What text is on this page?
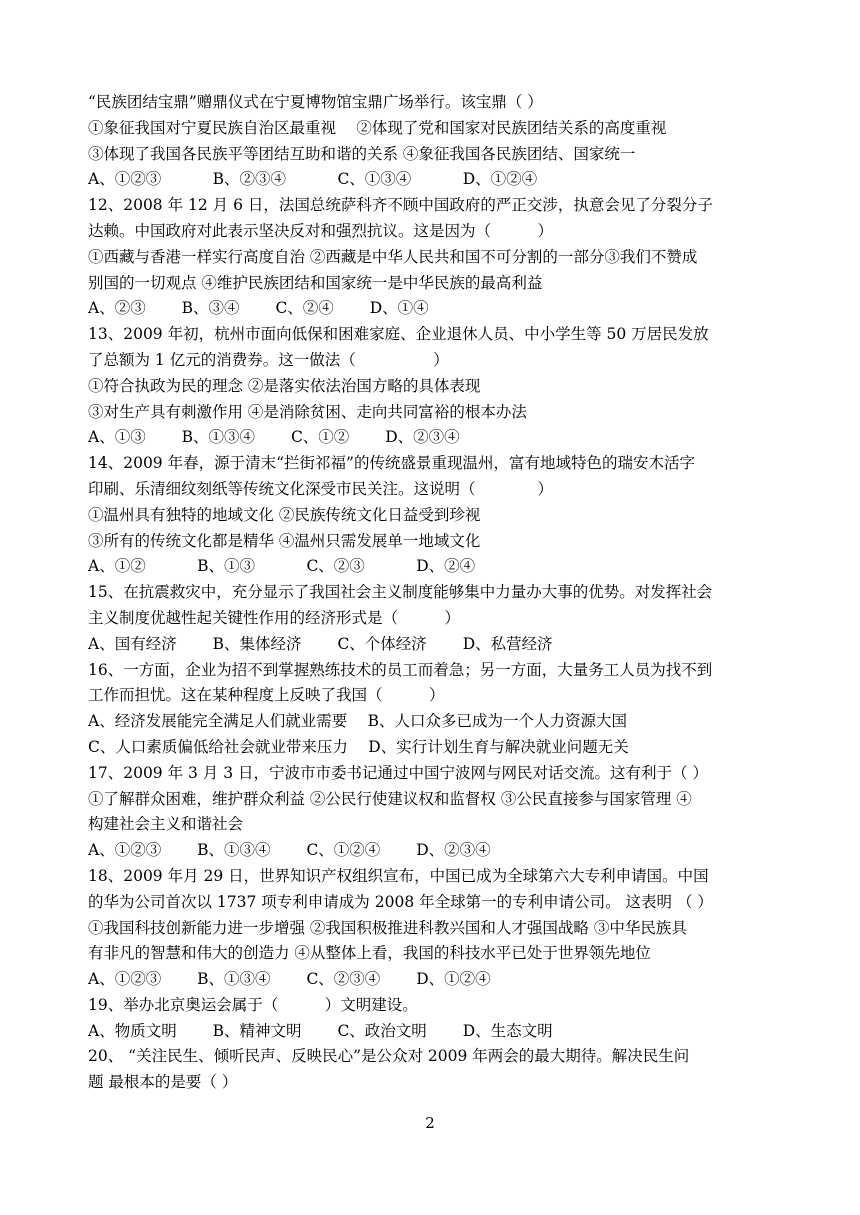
“民族团结宝鼎”赠鼎仪式在宁夏博物馆宝鼎广场举行。该宝鼎（ ）
①象征我国对宁夏民族自治区最重视　 ②体现了党和国家对民族团结关系的高度重视
③体现了我国各民族平等团结互助和谐的关系 ④象征我国各民族团结、国家统一
A、①②③　　　 B、②③④　　　 C、①③④　　　 D、①②④
12、2008 年 12 月 6 日，法国总统萨科齐不顾中国政府的严正交涉，执意会见了分裂分子
达赖。中国政府对此表示坚决反对和强烈抗议。这是因为（　　　）
①西藏与香港一样实行高度自治 ②西藏是中华人民共和国不可分割的一部分③我们不赞成
别国的一切观点 ④维护民族团结和国家统一是中华民族的最高利益
A、②③　　 B、③④　　 C、②④　　 D、①④
13、2009 年初，杭州市面向低保和困难家庭、企业退休人员、中小学生等 50 万居民发放
了总额为 1 亿元的消费券。这一做法（　　　　　）
①符合执政为民的理念 ②是落实依法治国方略的具体表现
③对生产具有刺激作用 ④是消除贫困、走向共同富裕的根本办法
A、①③　　 B、①③④　　 C、①②　　 D、②③④
14、2009 年春，源于清末“拦街祁福”的传统盛景重现温州，富有地域特色的瑞安木活字
印刷、乐清细纹刻纸等传统文化深受市民关注。这说明（　　　　）
①温州具有独特的地域文化 ②民族传统文化日益受到珍视
③所有的传统文化都是精华 ④温州只需发展单一地域文化
A、①②　　　 B、①③　　　 C、②③　　　 D、②④
15、在抗震救灾中，充分显示了我国社会主义制度能够集中力量办大事的优势。对发挥社会
主义制度优越性起关键性作用的经济形式是（　　　）
A、国有经济　　 B、集体经济　　 C、个体经济　　 D、私营经济
16、一方面，企业为招不到掌握熟练技术的员工而着急；另一方面，大量务工人员为找不到
工作而担忧。这在某种程度上反映了我国（　　　）
A、经济发展能完全满足人们就业需要　 B、人口众多已成为一个人力资源大国
C、人口素质偏低给社会就业带来压力　 D、实行计划生育与解决就业问题无关
17、2009 年 3 月 3 日，宁波市市委书记通过中国宁波网与网民对话交流。这有利于（ ）
①了解群众困难，维护群众利益 ②公民行使建议权和监督权 ③公民直接参与国家管理 ④
构建社会主义和谐社会
A、①②③　　 B、①③④　　 C、①②④　　 D、②③④
18、2009 年月 29 日，世界知识产权组织宣布，中国已成为全球第六大专利申请国。中国
的华为公司首次以 1737 项专利申请成为 2008 年全球第一的专利申请公司。 这表明 （ ）
①我国科技创新能力进一步增强 ②我国积极推进科教兴国和人才强国战略 ③中华民族具
有非凡的智慧和伟大的创造力 ④从整体上看，我国的科技水平已处于世界领先地位
A、①②③　　 B、①③④　　 C、②③④　　 D、①②④
19、举办北京奥运会属于（　　　）文明建设。
A、物质文明　　 B、精神文明　　 C、政治文明　　 D、生态文明
20、 “关注民生、倾听民声、反映民心”是公众对 2009 年两会的最大期待。解决民生问
题 最根本的是要（ ）
2
